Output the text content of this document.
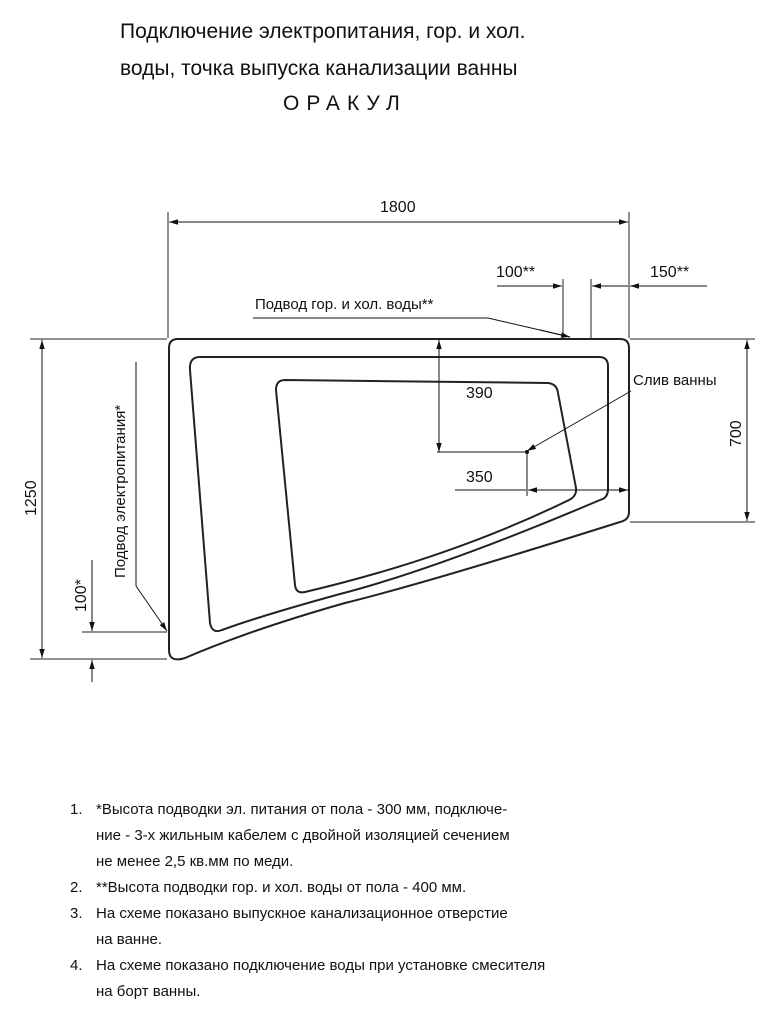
Подключение электропитания, гор. и хол.
воды, точка выпуска канализации ванны
ОРАКУЛ
1800
100**	150**
Подвод гор. и хол. воды**
1250	Подвод электропитания*
100*
700
390
350
Слив ванны
1. *Высота подводки эл. питания от пола - 300 мм, подключе-
ние - 3-х жильным кабелем с двойной изоляцией сечением
не менее 2,5 кв.мм по меди.
2. **Высота подводки гор. и хол. воды от пола - 400 мм.
3. На схеме показано выпускное канализационное отверстие
на ванне.
4. На схеме показано подключение воды при установке смесителя
на борт ванны.
